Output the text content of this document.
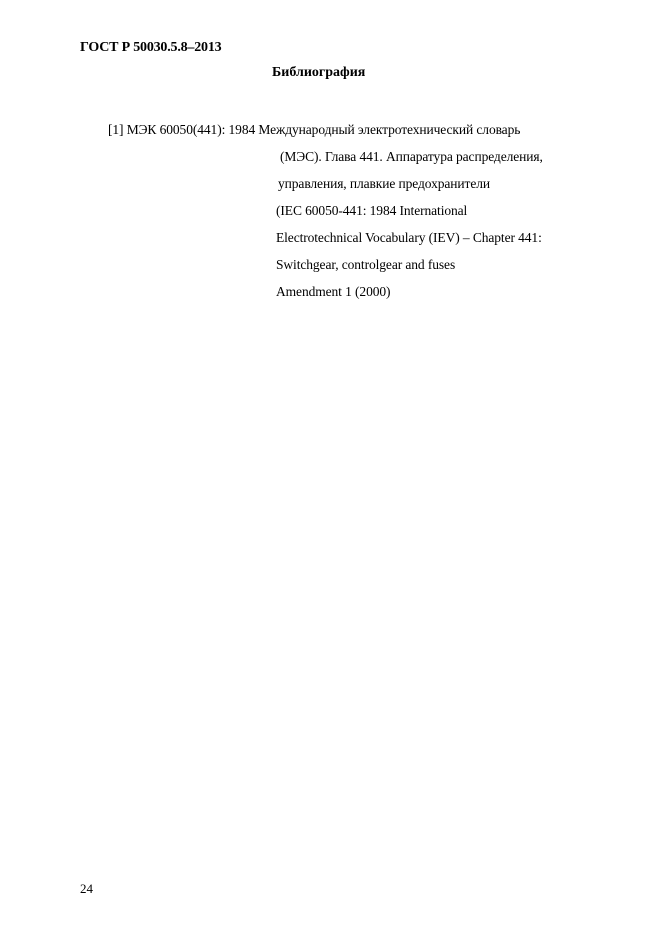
ГОСТ Р 50030.5.8–2013
Библиография
[1] МЭК 60050(441): 1984 Международный электротехнический словарь
(МЭС). Глава 441. Аппаратура распределения,
управления, плавкие предохранители
(IEC 60050-441: 1984 International
Electrotechnical Vocabulary (IEV) – Chapter 441:
Switchgear, controlgear and fuses
Amendment 1 (2000)
24
